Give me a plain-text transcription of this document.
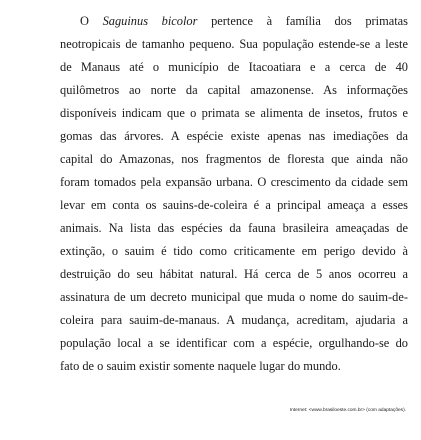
O Saguinus bicolor pertence à família dos primatas
neotropicais de tamanho pequeno. Sua população estende-se a leste
de Manaus até o município de Itacoatiara e a cerca de 40
quilômetros ao norte da capital amazonense. As informações
disponíveis indicam que o primata se alimenta de insetos, frutos e
gomas das árvores. A espécie existe apenas nas imediações da
capital do Amazonas, nos fragmentos de floresta que ainda não
foram tomados pela expansão urbana. O crescimento da cidade sem
levar em conta os sauins-de-coleira é a principal ameaça a esses
animais. Na lista das espécies da fauna brasileira ameaçadas de
extinção, o sauim é tido como criticamente em perigo devido à
destruição do seu hábitat natural. Há cerca de 5 anos ocorreu a
assinatura de um decreto municipal que muda o nome do sauim-de-
coleira para sauim-de-manaus. A mudança, acreditam, ajudaria a
população local a se identificar com a espécie, orgulhando-se do
fato de o sauim existir somente naquele lugar do mundo.
Internet: <www.brasiloeste.com.br> (com adaptações).
